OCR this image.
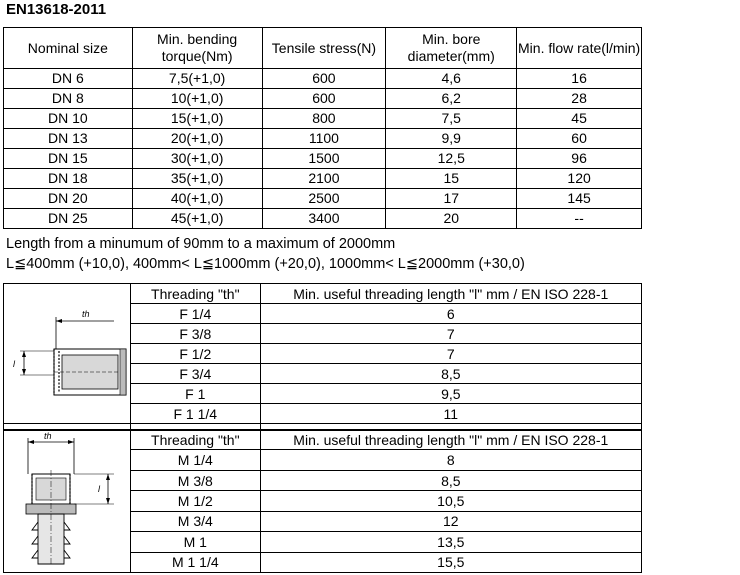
EN13618-2011
Nominal size	Min. bending torque(Nm)	Tensile stress(N)	Min. bore diameter(mm)	Min. flow rate(l/min)
DN 6	7,5(+1,0)	600	4,6	16
DN 8	10(+1,0)	600	6,2	28
DN 10	15(+1,0)	800	7,5	45
DN 13	20(+1,0)	1100	9,9	60
DN 15	30(+1,0)	1500	12,5	96
DN 18	35(+1,0)	2100	15	120
DN 20	40(+1,0)	2500	17	145
DN 25	45(+1,0)	3400	20	--
Length from a minumum of 90mm to a maximum of 2000mm
L≦400mm (+10,0), 400mm< L≦1000mm (+20,0), 1000mm< L≦2000mm (+30,0)
th
l	Threading "th"	Min. useful threading length "l" mm / EN ISO 228-1
	F 1/4	6
	F 3/8	7
	F 1/2	7
	F 3/4	8,5
	F 1	9,5
	F 1 1/4	11

th
l	Threading "th"	Min. useful threading length "l" mm / EN ISO 228-1
	M 1/4	8
	M 3/8	8,5
	M 1/2	10,5
	M 3/4	12
	M 1	13,5
	M 1 1/4	15,5
